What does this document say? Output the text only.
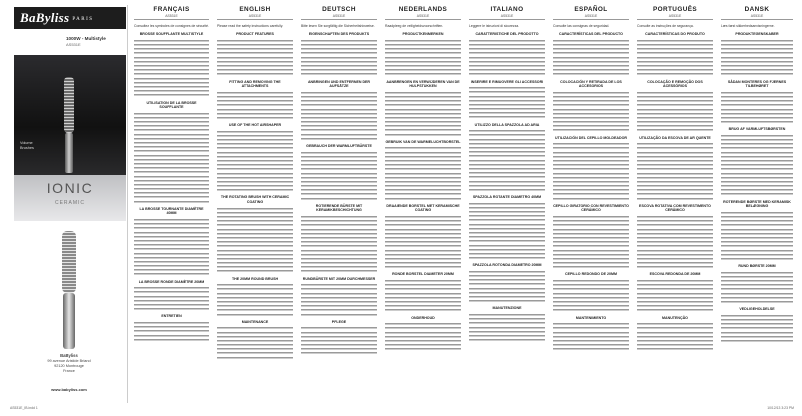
BaByliss PARIS
1000W - Multistyle
AS531E
Volume
Brushes
IONIC
CERAMIC
BaByliss
99 avenue Aristide Briand
92120 Montrouge
France
www.babyliss.com
FRANÇAIS
AS531E
Consultez les symboles de consignes de sécurité.
BROSSE SOUFFLANTE MULTISTYLE
UTILISATION DE LA BROSSE SOUFFLANTE
LA BROSSE TOURNANTE DIAMÈTRE 40MM
LA BROSSE RONDE DIAMÈTRE 20MM
ENTRETIEN
ENGLISH
AS531E
Please read the safety instructions carefully.
PRODUCT FEATURES
FITTING AND REMOVING THE ATTACHMENTS
USE OF THE HOT AIRSHAPER
THE ROTATING BRUSH WITH CERAMIC COATING
THE 20MM ROUND BRUSH
MAINTENANCE
DEUTSCH
AS531E
Bitte lesen Sie sorgfältig die Sicherheitshinweise.
EIGENSCHAFTEN DES PRODUKTS
ANBRINGEN UND ENTFERNEN DER AUFSÄTZE
GEBRAUCH DER WARMLUFTBÜRSTE
ROTIERENDE BÜRSTE MIT KERAMIKBESCHICHTUNG
RUNDBÜRSTE MIT 20MM DURCHMESSER
PFLEGE
NEDERLANDS
AS531E
Raadpleeg de veiligheidsvoorschriften.
PRODUCTKENMERKEN
AANBRENGEN EN VERWIJDEREN VAN DE HULPSTUKKEN
GEBRUIK VAN DE WARMELUCHTBORSTEL
DRAAIENDE BORSTEL MET KERAMISCHE COATING
RONDE BORSTEL DIAMETER 20MM
ONDERHOUD
ITALIANO
AS531E
Leggere le istruzioni di sicurezza.
CARATTERISTICHE DEL PRODOTTO
INSERIRE E RIMUOVERE GLI ACCESSORI
UTILIZZO DELLA SPAZZOLA AD ARIA
SPAZZOLA ROTANTE DIAMETRO 40MM
SPAZZOLA ROTONDA DIAMETRO 20MM
MANUTENZIONE
ESPAÑOL
AS531E
Consulte las consignas de seguridad.
CARACTERÍSTICAS DEL PRODUCTO
COLOCACIÓN Y RETIRADA DE LOS ACCESORIOS
UTILIZACIÓN DEL CEPILLO MOLDEADOR
CEPILLO GIRATORIO CON REVESTIMIENTO CERÁMICO
CEPILLO REDONDO DE 20MM
MANTENIMIENTO
PORTUGUÊS
AS531E
Consulte as instruções de segurança.
CARACTERÍSTICAS DO PRODUTO
COLOCAÇÃO E REMOÇÃO DOS ACESSÓRIOS
UTILIZAÇÃO DA ESCOVA DE AR QUENTE
ESCOVA ROTATIVA COM REVESTIMENTO CERÂMICO
ESCOVA REDONDA DE 20MM
MANUTENÇÃO
DANSK
AS531E
Læs først sikkerhedsanvisningerne.
PRODUKTEGENSKABER
SÅDAN MONTERES OG FJERNES TILBEHØRET
BRUG AF VARMLUFTSBØRSTEN
ROTERENDE BØRSTE MED KERAMISK BELÆGNING
RUND BØRSTE 20MM
VEDLIGEHOLDELSE
AS531E_IB.indd 1	10/12/13 3:23 PM
